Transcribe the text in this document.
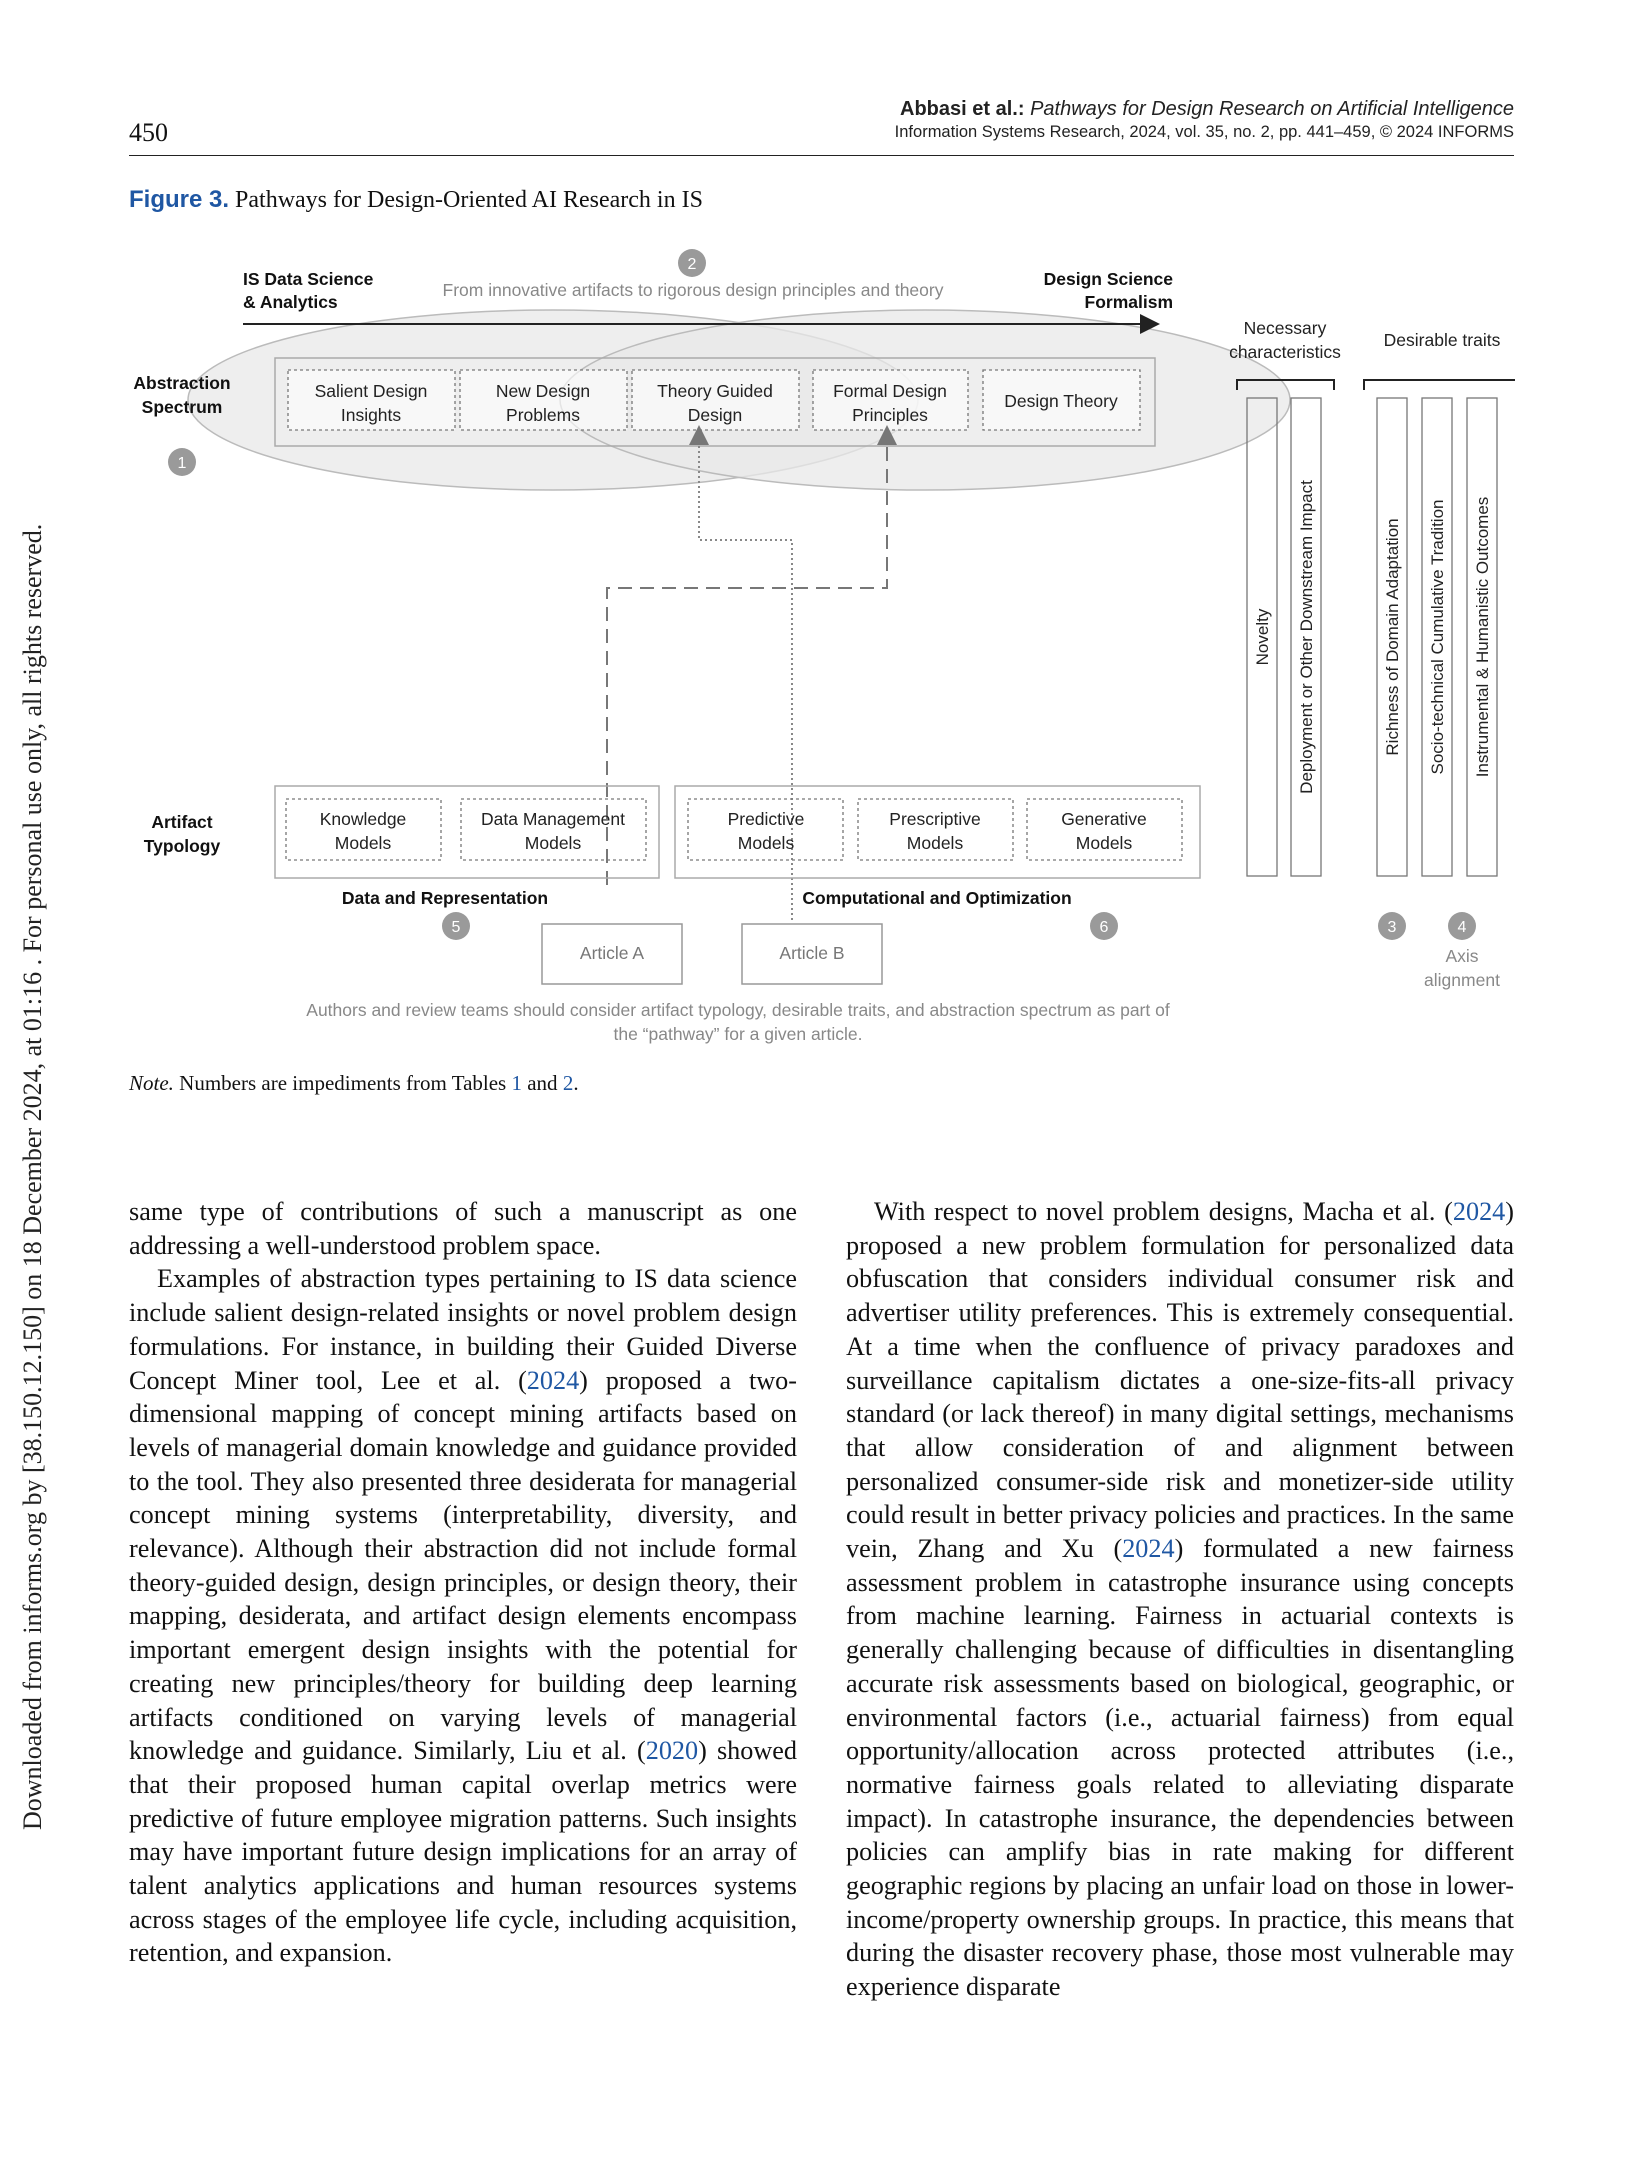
Downloaded from informs.org by [38.150.12.150] on 18 December 2024, at 01:16 . For personal use only, all rights reserved.
450
Abbasi et al.: Pathways for Design Research on Artificial Intelligence
Information Systems Research, 2024, vol. 35, no. 2, pp. 441–459, © 2024 INFORMS
Figure 3. Pathways for Design-Oriented AI Research in IS
IS Data Science & Analytics
Design Science Formalism
From innovative artifacts to rigorous design principles and theory
2
Abstraction Spectrum
1
Salient Design Insights
New Design Problems
Theory Guided Design
Formal Design Principles
Design Theory
Artifact Typology
Knowledge Models
Data Management Models
Data and Representation
5
Predictive Models
Prescriptive Models
Generative Models
Computational and Optimization
6
Article A	Article B
Authors and review teams should consider artifact typology, desirable traits, and abstraction spectrum as part of the “pathway” for a given article.
Necessary characteristics
Desirable traits
Novelty Deployment or Other Downstream Impact	Richness of Domain Adaptation Socio-technical Cumulative Tradition Instrumental & Humanistic Outcomes
3	4
Axis alignment
Note. Numbers are impediments from Tables 1 and 2.

same type of contributions of such a manuscript as one addressing a well-understood problem space.

Examples of abstraction types pertaining to IS data science include salient design-related insights or novel problem design formulations. For instance, in building their Guided Diverse Concept Miner tool, Lee et al. (2024) proposed a two-dimensional mapping of concept mining artifacts based on levels of managerial domain knowledge and guidance provided to the tool. They also presented three desiderata for managerial concept mining systems (interpretability, diversity, and relevance). Although their abstraction did not include formal theory-guided design, design principles, or design theory, their mapping, desiderata, and artifact design elements encompass important emergent design insights with the potential for creating new principles/theory for building deep learning artifacts conditioned on varying levels of managerial knowledge and guidance. Similarly, Liu et al. (2020) showed that their proposed human capital overlap metrics were predictive of future employee migration patterns. Such insights may have important future design implications for an array of talent analytics applications and human resources systems across stages of the employee life cycle, including acquisition, retention, and expansion.

With respect to novel problem designs, Macha et al. (2024) proposed a new problem formulation for personalized data obfuscation that considers individual consumer risk and advertiser utility preferences. This is extremely consequential. At a time when the confluence of privacy paradoxes and surveillance capitalism dictates a one-size-fits-all privacy standard (or lack thereof) in many digital settings, mechanisms that allow consideration of and alignment between personalized consumer-side risk and monetizer-side utility could result in better privacy policies and practices. In the same vein, Zhang and Xu (2024) formulated a new fairness assessment problem in catastrophe insurance using concepts from machine learning. Fairness in actuarial contexts is generally challenging because of difficulties in disentangling accurate risk assessments based on biological, geographic, or environmental factors (i.e., actuarial fairness) from equal opportunity/allocation across protected attributes (i.e., normative fairness goals related to alleviating disparate impact). In catastrophe insurance, the dependencies between policies can amplify bias in rate making for different geographic regions by placing an unfair load on those in lower-income/property ownership groups. In practice, this means that during the disaster recovery phase, those most vulnerable may experience disparate
